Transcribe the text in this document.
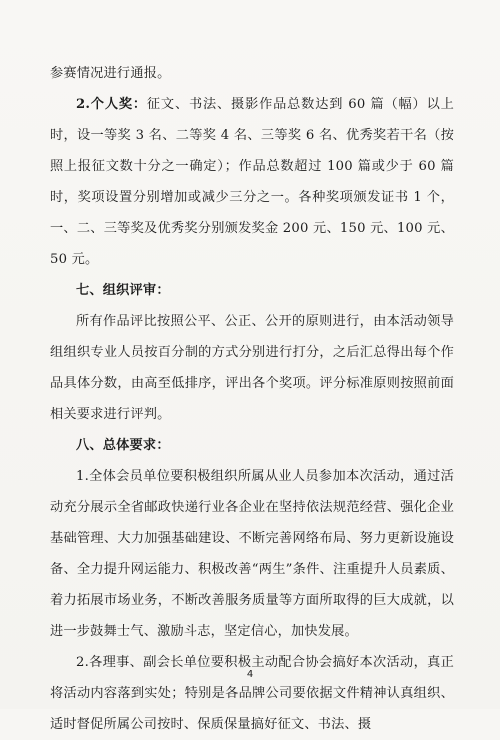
参赛情况进行通报。

2.个人奖：征文、书法、摄影作品总数达到 60 篇（幅）以上时，设一等奖 3 名、二等奖 4 名、三等奖 6 名、优秀奖若干名（按照上报征文数十分之一确定）；作品总数超过 100 篇或少于 60 篇时，奖项设置分别增加或减少三分之一。各种奖项颁发证书 1 个，一、二、三等奖及优秀奖分别颁发奖金 200 元、150 元、100 元、50 元。

七、组织评审：

所有作品评比按照公平、公正、公开的原则进行，由本活动领导组组织专业人员按百分制的方式分别进行打分，之后汇总得出每个作品具体分数，由高至低排序，评出各个奖项。评分标准原则按照前面相关要求进行评判。

八、总体要求：

1.全体会员单位要积极组织所属从业人员参加本次活动，通过活动充分展示全省邮政快递行业各企业在坚持依法规范经营、强化企业基础管理、大力加强基础建设、不断完善网络布局、努力更新设施设备、全力提升网运能力、积极改善“两生”条件、注重提升人员素质、着力拓展市场业务，不断改善服务质量等方面所取得的巨大成就，以进一步鼓舞士气、激励斗志，坚定信心，加快发展。

2.各理事、副会长单位要积极主动配合协会搞好本次活动，真正将活动内容落到实处；特别是各品牌公司要依据文件精神认真组织、适时督促所属公司按时、保质保量搞好征文、书法、摄

4
